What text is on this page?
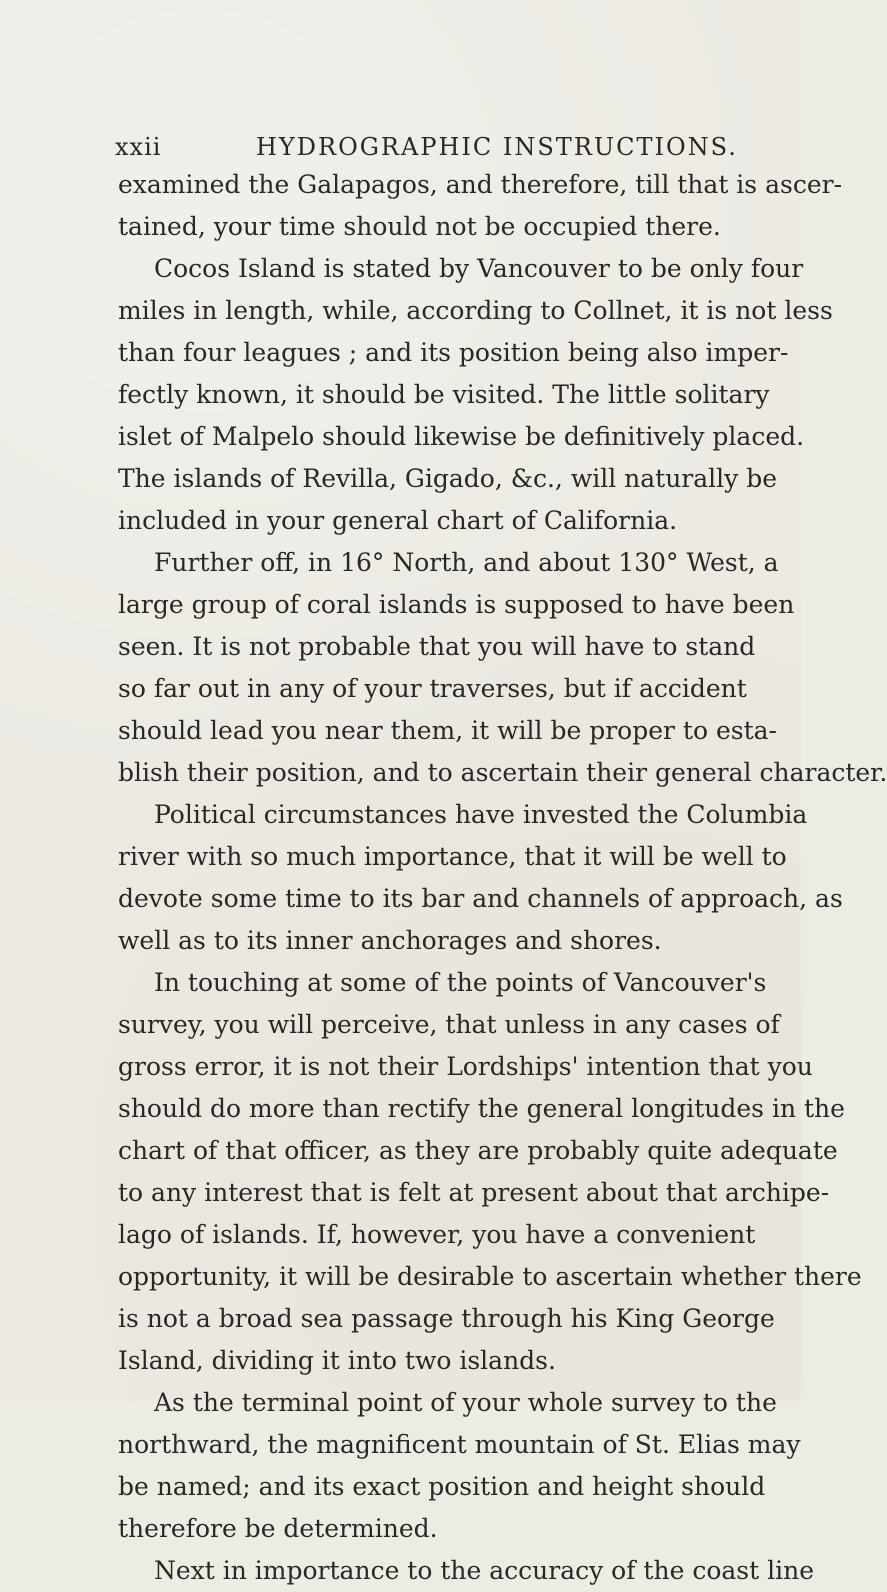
xxii	HYDROGRAPHIC INSTRUCTIONS.
examined the Galapagos, and therefore, till that is ascer-
tained, your time should not be occupied there.
Cocos Island is stated by Vancouver to be only four
miles in length, while, according to Collnet, it is not less
than four leagues ; and its position being also imper-
fectly known, it should be visited. The little solitary
islet of Malpelo should likewise be definitively placed.
The islands of Revilla, Gigado, &c., will naturally be
included in your general chart of California.
Further off, in 16° North, and about 130° West, a
large group of coral islands is supposed to have been
seen. It is not probable that you will have to stand
so far out in any of your traverses, but if accident
should lead you near them, it will be proper to esta-
blish their position, and to ascertain their general character.
Political circumstances have invested the Columbia
river with so much importance, that it will be well to
devote some time to its bar and channels of approach, as
well as to its inner anchorages and shores.
In touching at some of the points of Vancouver's
survey, you will perceive, that unless in any cases of
gross error, it is not their Lordships' intention that you
should do more than rectify the general longitudes in the
chart of that officer, as they are probably quite adequate
to any interest that is felt at present about that archipe-
lago of islands. If, however, you have a convenient
opportunity, it will be desirable to ascertain whether there
is not a broad sea passage through his King George
Island, dividing it into two islands.
As the terminal point of your whole survey to the
northward, the magnificent mountain of St. Elias may
be named; and its exact position and height should
therefore be determined.
Next in importance to the accuracy of the coast line
